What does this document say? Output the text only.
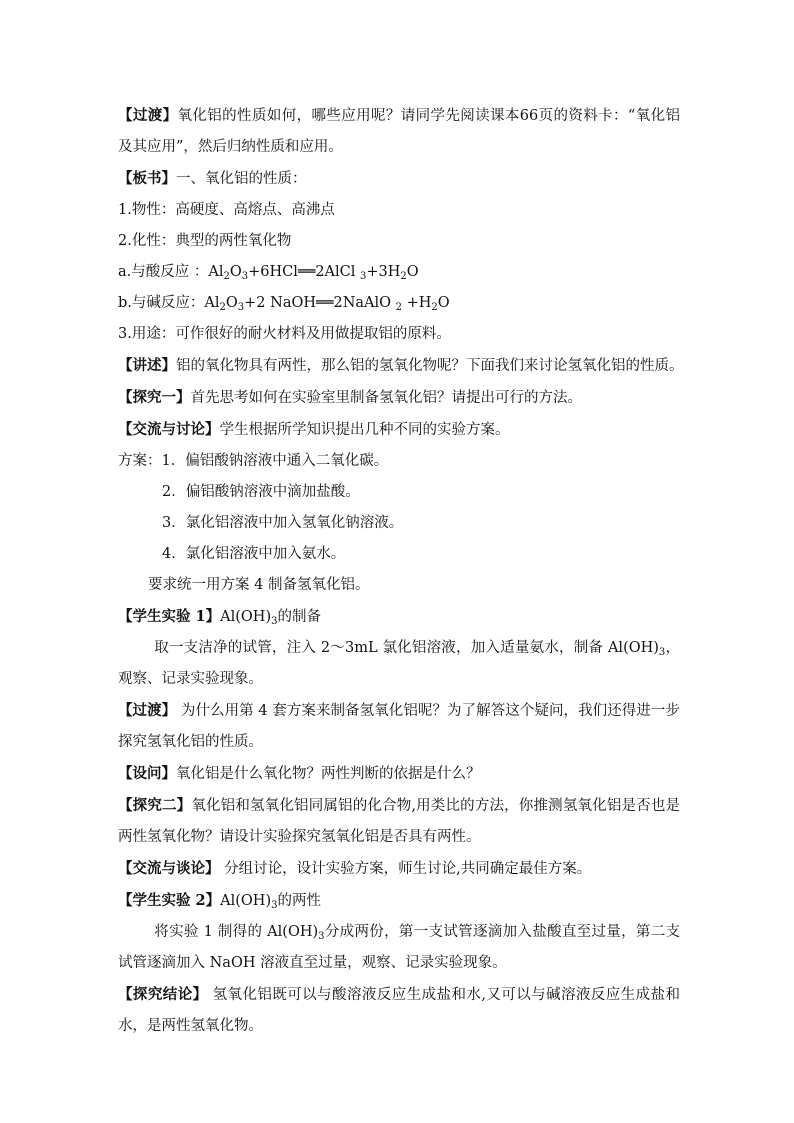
【过渡】氧化铝的性质如何，哪些应用呢？请同学先阅读课本66页的资料卡：“氧化铝及其应用”，然后归纳性质和应用。

【板书】一、氧化铝的性质：

1.物性：高硬度、高熔点、高沸点

2.化性：典型的两性氧化物

a.与酸反应 ：$Al_2O_3+6HCl══2AlCl$ $_3+3H_2O$

b.与碱反应：$Al_2O_3+2$ NaOH══2NaAlO $_2 +H_2O$

3.用途：可作很好的耐火材料及用做提取铝的原料。

【讲述】铝的氧化物具有两性，那么铝的氢氧化物呢？下面我们来讨论氢氧化铝的性质。

【探究一】首先思考如何在实验室里制备氢氧化铝？请提出可行的方法。

【交流与讨论】学生根据所学知识提出几种不同的实验方案。

方案：1．偏铝酸钠溶液中通入二氧化碳。

2．偏铝酸钠溶液中滴加盐酸。

3．氯化铝溶液中加入氢氧化钠溶液。

4．氯化铝溶液中加入氨水。

要求统一用方案 4 制备氢氧化铝。

【学生实验 1】$Al(OH)_3$的制备

取一支洁净的试管，注入 2～3mL 氯化铝溶液，加入适量氨水，制备 $Al(OH)_3$，观察、记录实验现象。

【过渡】 为什么用第 4 套方案来制备氢氧化铝呢？为了解答这个疑问，我们还得进一步探究氢氧化铝的性质。

【设问】氧化铝是什么氧化物？两性判断的依据是什么？

【探究二】氧化铝和氢氧化铝同属铝的化合物,用类比的方法，你推测氢氧化铝是否也是两性氢氧化物？请设计实验探究氢氧化铝是否具有两性。

【交流与谈论】 分组讨论，设计实验方案，师生讨论,共同确定最佳方案。

【学生实验 2】$Al(OH)_3$的两性

将实验 1 制得的 $Al(OH)_3$分成两份，第一支试管逐滴加入盐酸直至过量，第二支试管逐滴加入 NaOH 溶液直至过量，观察、记录实验现象。

【探究结论】 氢氧化铝既可以与酸溶液反应生成盐和水,又可以与碱溶液反应生成盐和水，是两性氢氧化物。
